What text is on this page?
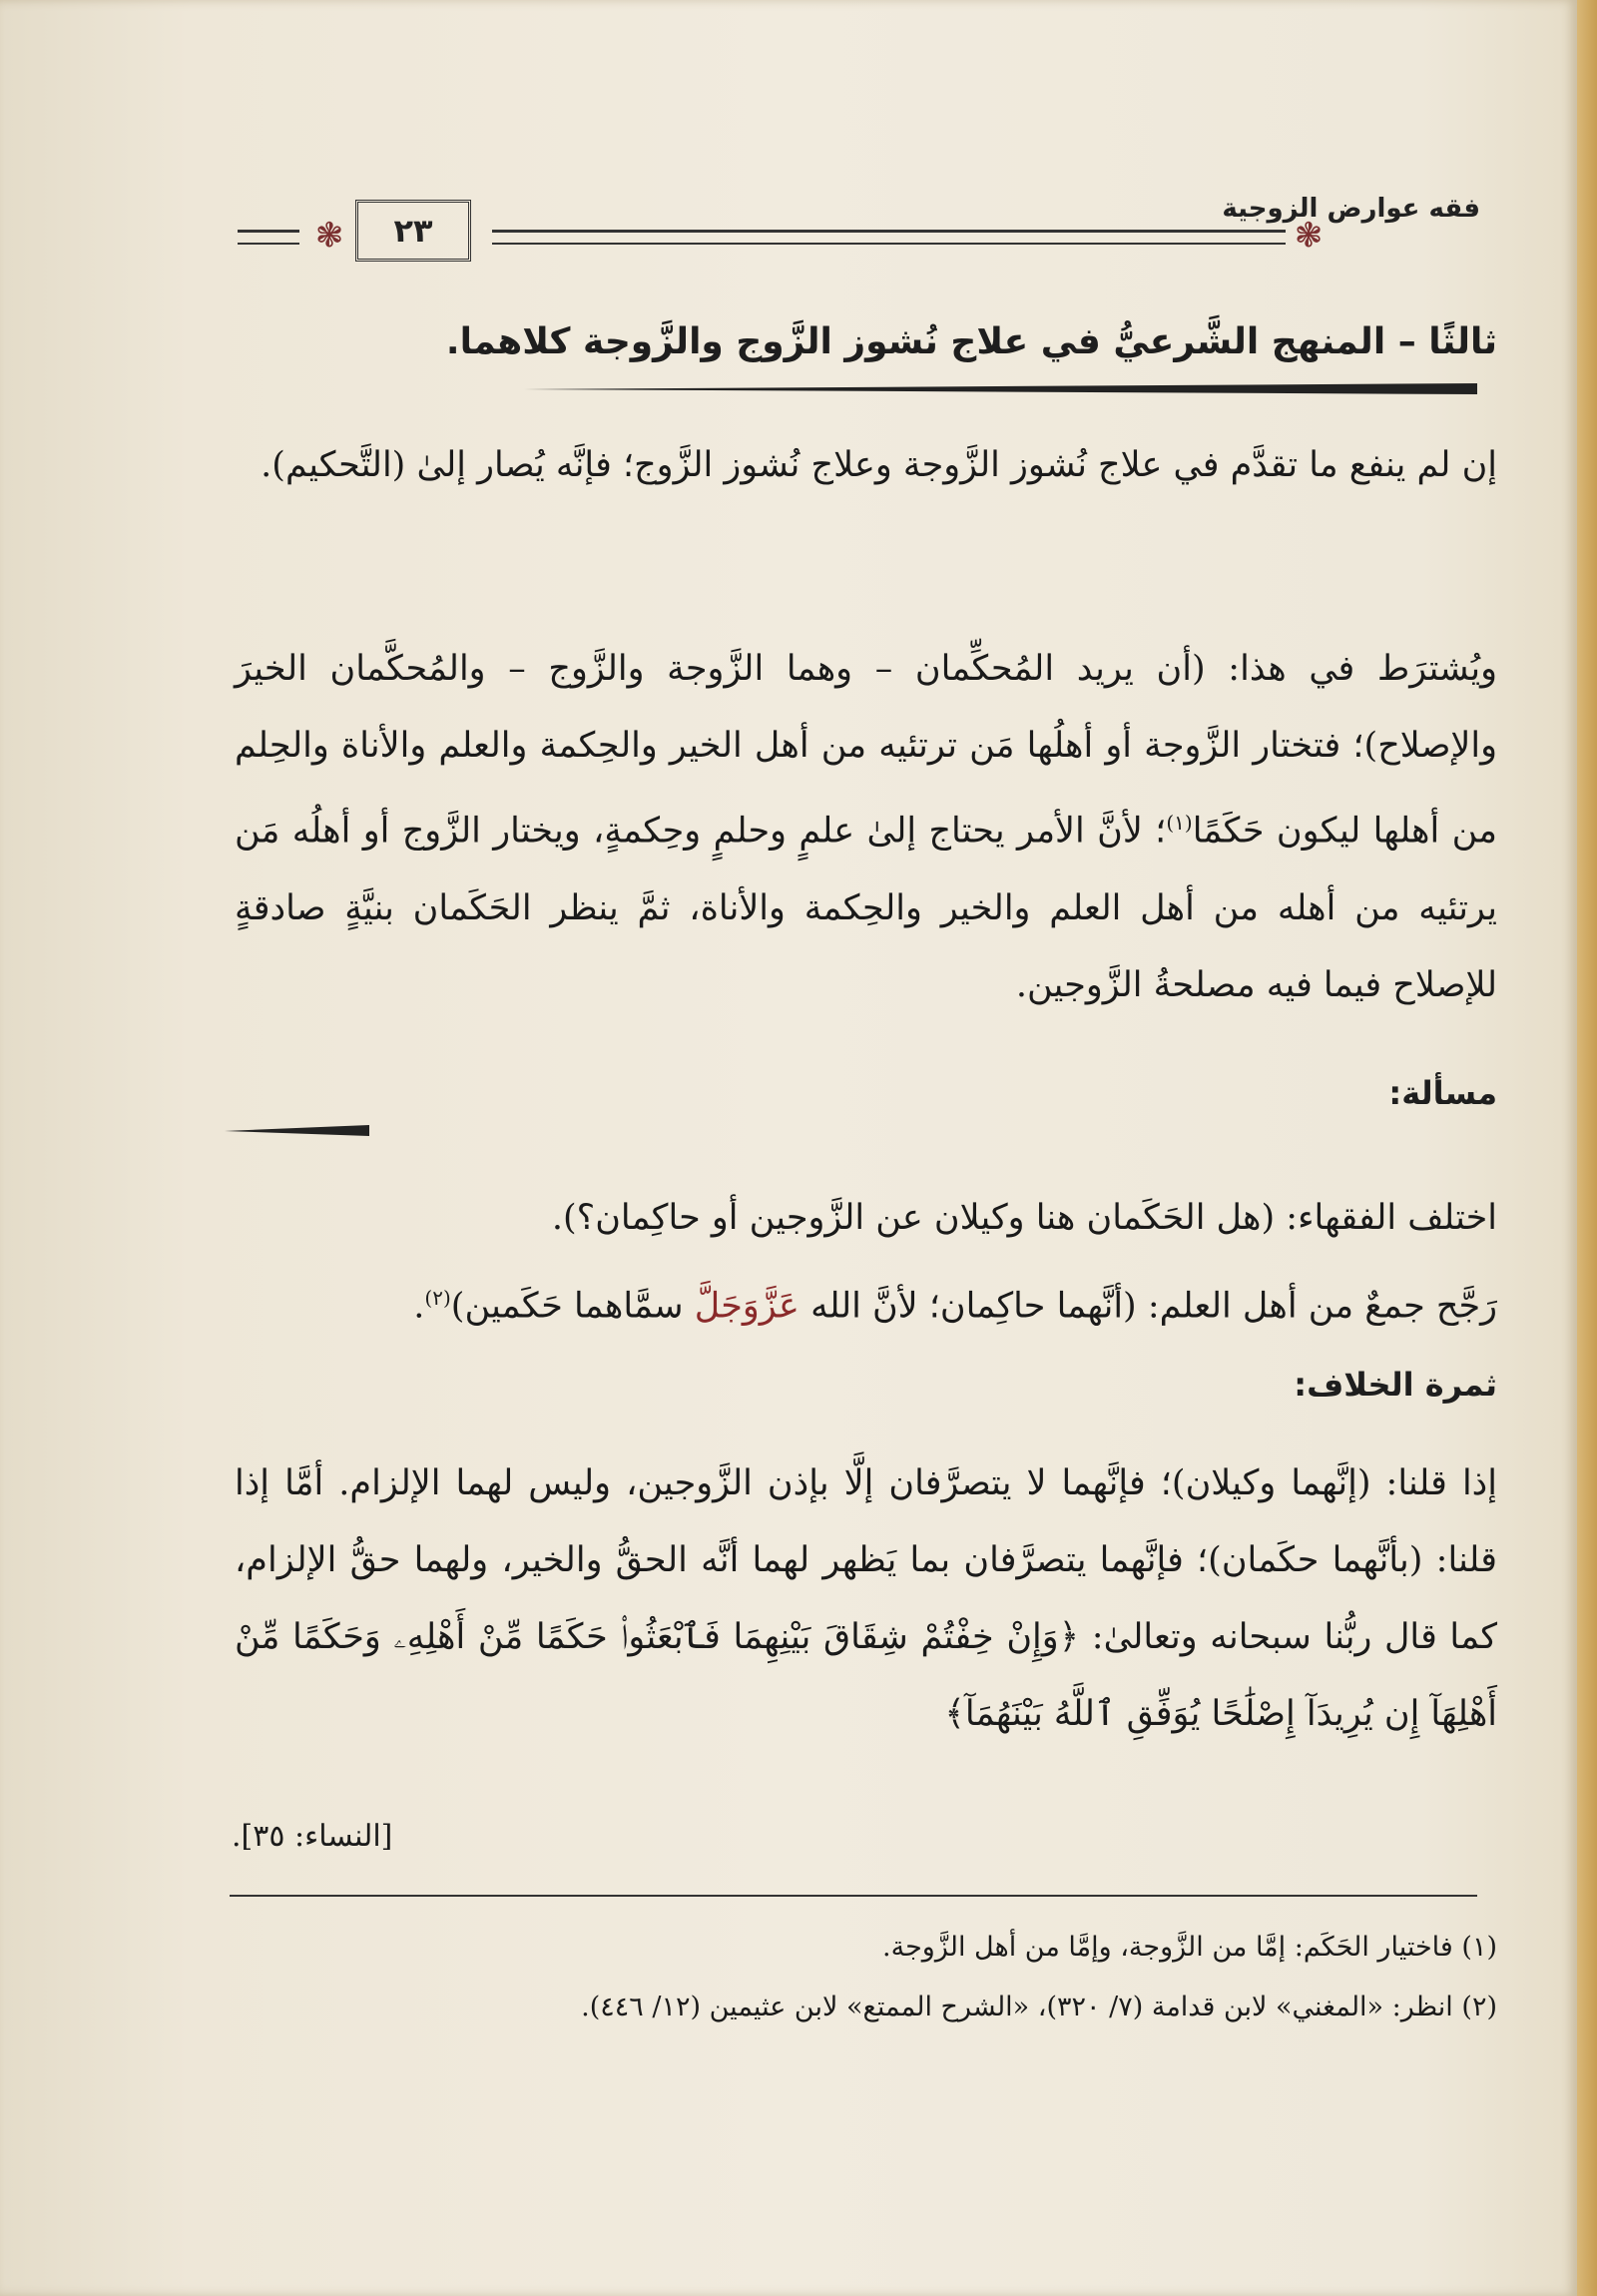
فقه عوارض الزوجية
❃
٢٣
❃
ثالثًا – المنهج الشَّرعيُّ في علاج نُشوز الزَّوج والزَّوجة كلاهما.
إن لم ينفع ما تقدَّم في علاج نُشوز الزَّوجة وعلاج نُشوز الزَّوج؛ فإنَّه يُصار إلىٰ (التَّحكيم).
ويُشترَط في هذا: (أن يريد المُحكِّمان – وهما الزَّوجة والزَّوج – والمُحكَّمان الخيرَ والإصلاح)؛ فتختار الزَّوجة أو أهلُها مَن ترتئيه من أهل الخير والحِكمة والعلم والأناة والحِلم من أهلها ليكون حَكَمًا$^{(١)}$؛ لأنَّ الأمر يحتاج إلىٰ علمٍ وحلمٍ وحِكمةٍ، ويختار الزَّوج أو أهلُه مَن يرتئيه من أهله من أهل العلم والخير والحِكمة والأناة، ثمَّ ينظر الحَكَمان بنيَّةٍ صادقةٍ للإصلاح فيما فيه مصلحةُ الزَّوجين.
مسألة:
اختلف الفقهاء: (هل الحَكَمان هنا وكيلان عن الزَّوجين أو حاكِمان؟).
رَجَّح جمعٌ من أهل العلم: (أنَّهما حاكِمان؛ لأنَّ الله عَزَّوَجَلَّ سمَّاهما حَكَمين)$^{(٢)}$.
ثمرة الخلاف:
إذا قلنا: (إنَّهما وكيلان)؛ فإنَّهما لا يتصرَّفان إلَّا بإذن الزَّوجين، وليس لهما الإلزام. أمَّا إذا قلنا: (بأنَّهما حكَمان)؛ فإنَّهما يتصرَّفان بما يَظهر لهما أنَّه الحقُّ والخير، ولهما حقُّ الإلزام، كما قال ربُّنا سبحانه وتعالىٰ: ﴿وَإِنْ خِفْتُمْ شِقَاقَ بَيْنِهِمَا فَٱبْعَثُوا۟ حَكَمًا مِّنْ أَهْلِهِۦ وَحَكَمًا مِّنْ أَهْلِهَآ إِن يُرِيدَآ إِصْلَٰحًا يُوَفِّقِ ٱللَّهُ بَيْنَهُمَآ﴾
[النساء: ٣٥].
(١) فاختيار الحَكَم: إمَّا من الزَّوجة، وإمَّا من أهل الزَّوجة.
(٢) انظر: «المغني» لابن قدامة (٧/ ٣٢٠)، «الشرح الممتع» لابن عثيمين (١٢/ ٤٤٦).
